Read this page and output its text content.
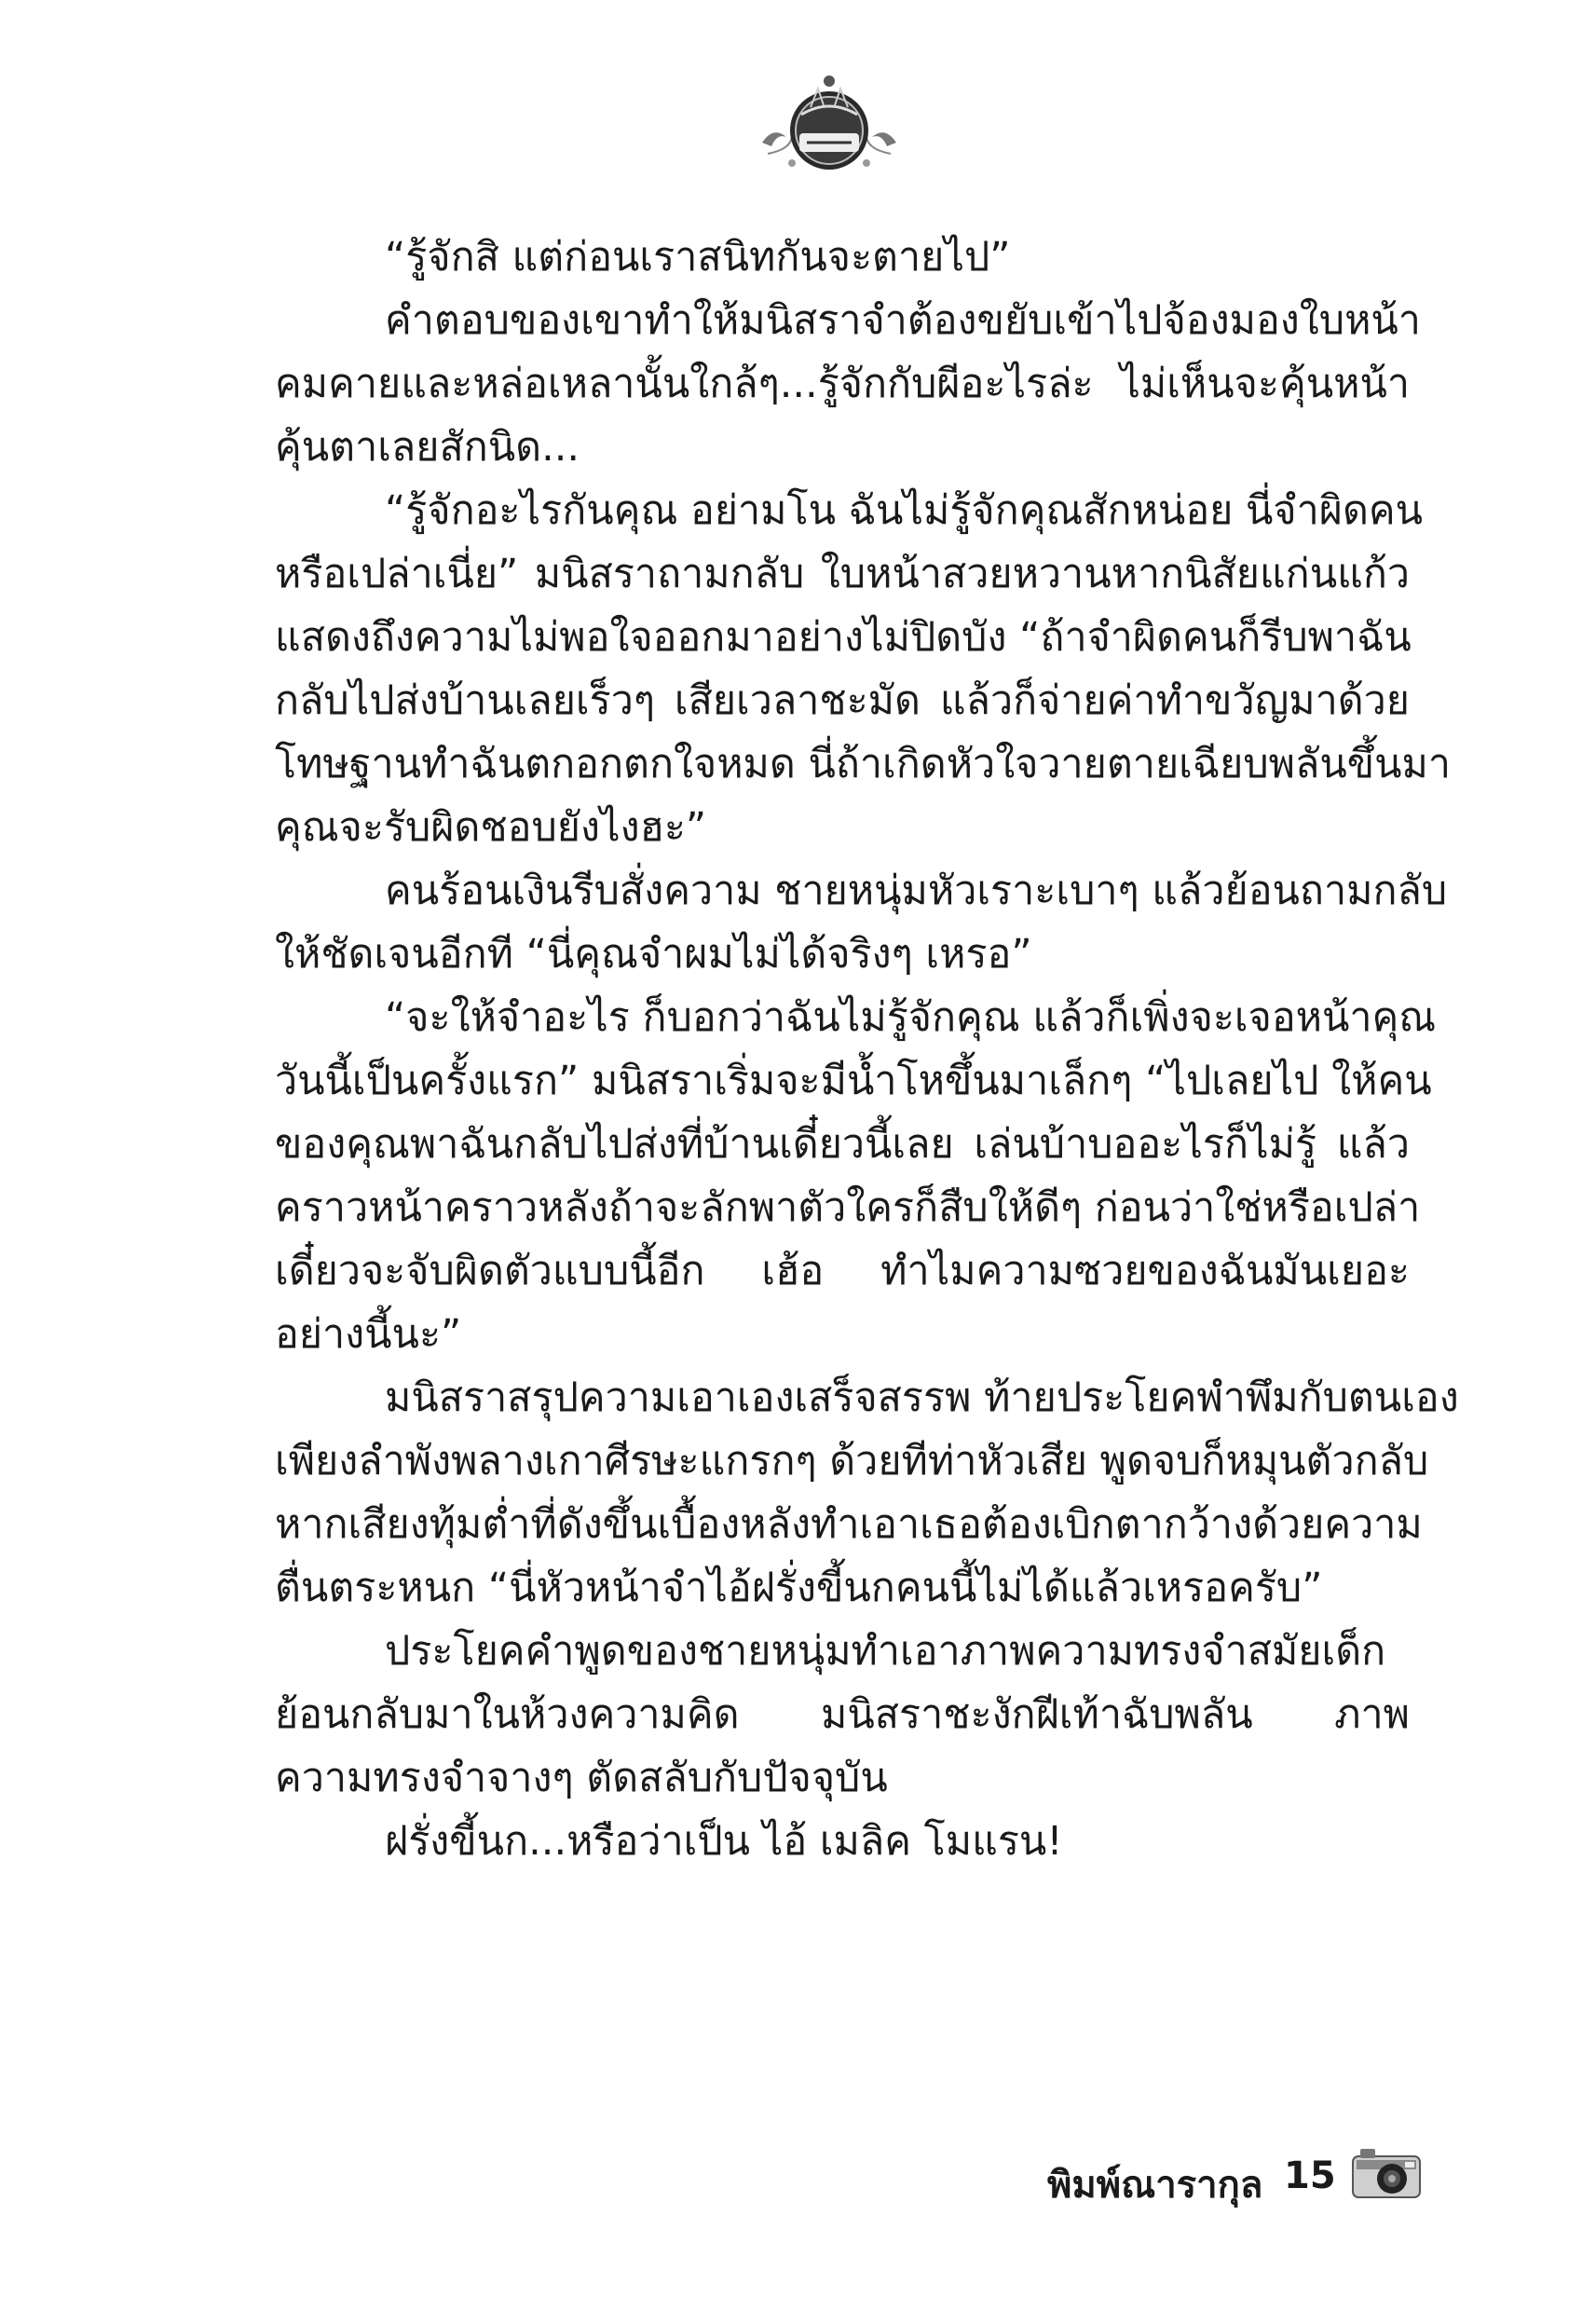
“รู้จักสิ แต่ก่อนเราสนิทกันจะตายไป”
คำตอบของเขาทำให้มนิสราจำต้องขยับเข้าไปจ้องมองใบหน้า
คมคายและหล่อเหลานั้นใกล้ๆ...รู้จักกับผีอะไรล่ะ ไม่เห็นจะคุ้นหน้า
คุ้นตาเลยสักนิด...
“รู้จักอะไรกันคุณ อย่ามโน ฉันไม่รู้จักคุณสักหน่อย นี่จำผิดคน
หรือเปล่าเนี่ย” มนิสราถามกลับ ใบหน้าสวยหวานหากนิสัยแก่นแก้ว
แสดงถึงความไม่พอใจออกมาอย่างไม่ปิดบัง “ถ้าจำผิดคนก็รีบพาฉัน
กลับไปส่งบ้านเลยเร็วๆ เสียเวลาชะมัด แล้วก็จ่ายค่าทำขวัญมาด้วย
โทษฐานทำฉันตกอกตกใจหมด นี่ถ้าเกิดหัวใจวายตายเฉียบพลันขึ้นมา
คุณจะรับผิดชอบยังไงฮะ”
คนร้อนเงินรีบสั่งความ ชายหนุ่มหัวเราะเบาๆ แล้วย้อนถามกลับ
ให้ชัดเจนอีกที “นี่คุณจำผมไม่ได้จริงๆ เหรอ”
“จะให้จำอะไร ก็บอกว่าฉันไม่รู้จักคุณ แล้วก็เพิ่งจะเจอหน้าคุณ
วันนี้เป็นครั้งแรก” มนิสราเริ่มจะมีน้ำโหขึ้นมาเล็กๆ “ไปเลยไป ให้คน
ของคุณพาฉันกลับไปส่งที่บ้านเดี๋ยวนี้เลย เล่นบ้าบออะไรก็ไม่รู้ แล้ว
คราวหน้าคราวหลังถ้าจะลักพาตัวใครก็สืบให้ดีๆ ก่อนว่าใช่หรือเปล่า
เดี๋ยวจะจับผิดตัวแบบนี้อีก เฮ้อ ทำไมความซวยของฉันมันเยอะ
อย่างนี้นะ”
มนิสราสรุปความเอาเองเสร็จสรรพ ท้ายประโยคพำพึมกับตนเอง
เพียงลำพังพลางเกาศีรษะแกรกๆ ด้วยทีท่าหัวเสีย พูดจบก็หมุนตัวกลับ
หากเสียงทุ้มต่ำที่ดังขึ้นเบื้องหลังทำเอาเธอต้องเบิกตากว้างด้วยความ
ตื่นตระหนก “นี่หัวหน้าจำไอ้ฝรั่งขี้นกคนนี้ไม่ได้แล้วเหรอครับ”
ประโยคคำพูดของชายหนุ่มทำเอาภาพความทรงจำสมัยเด็ก
ย้อนกลับมาในห้วงความคิด มนิสราชะงักฝีเท้าฉับพลัน ภาพ
ความทรงจำจางๆ ตัดสลับกับปัจจุบัน
ฝรั่งขี้นก...หรือว่าเป็น ไอ้ เมลิค โมแรน!
พิมพ์ณารากุล 15
